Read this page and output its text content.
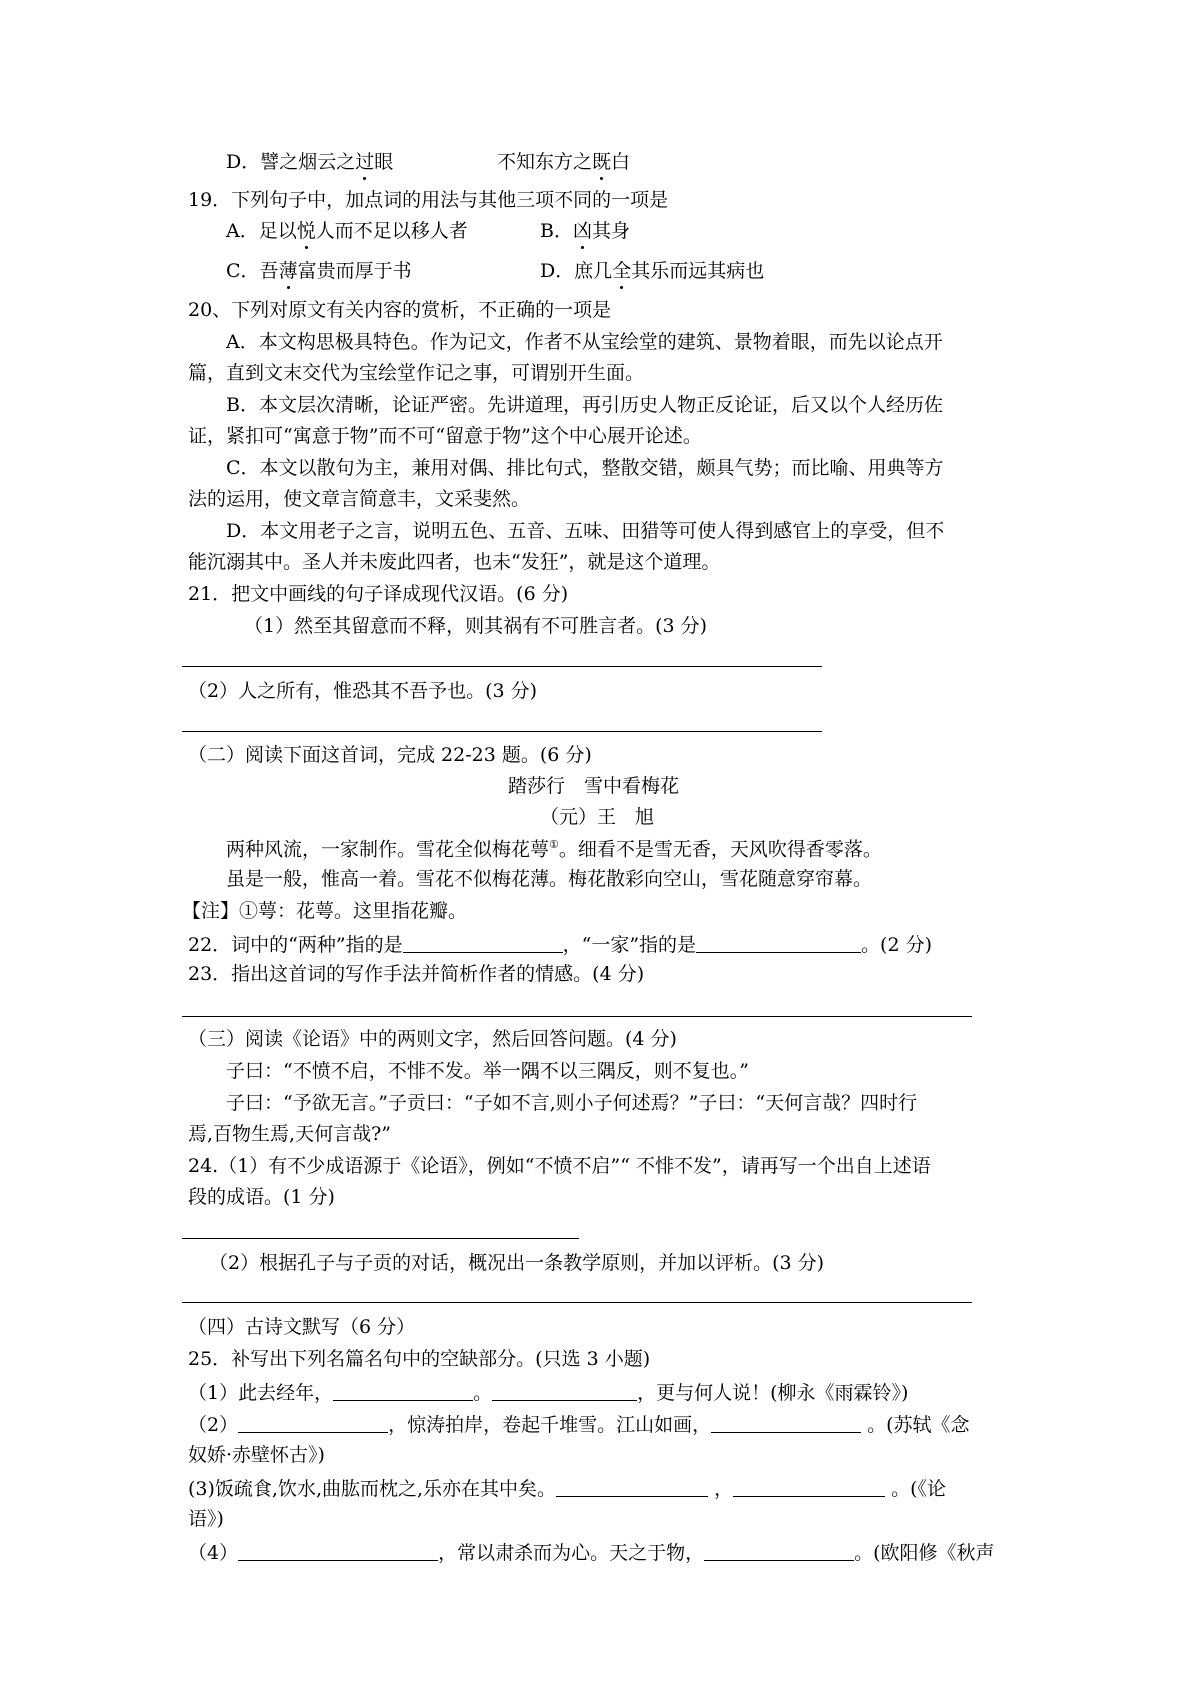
D．譬之烟云之过眼	不知东方之既白
19．下列句子中，加点词的用法与其他三项不同的一项是
A．足以悦人而不足以移人者	B．凶其身
C．吾薄富贵而厚于书	D．庶几全其乐而远其病也
20、下列对原文有关内容的赏析，不正确的一项是
A．本文构思极具特色。作为记文，作者不从宝绘堂的建筑、景物着眼，而先以论点开
篇，直到文末交代为宝绘堂作记之事，可谓别开生面。
B．本文层次清晰，论证严密。先讲道理，再引历史人物正反论证，后又以个人经历佐
证，紧扣可“寓意于物”而不可“留意于物”这个中心展开论述。
C．本文以散句为主，兼用对偶、排比句式，整散交错，颇具气势；而比喻、用典等方
法的运用，使文章言简意丰，文采斐然。
D．本文用老子之言，说明五色、五音、五味、田猎等可使人得到感官上的享受，但不
能沉溺其中。圣人并未废此四者，也未“发狂”，就是这个道理。
21．把文中画线的句子译成现代汉语。(6 分)
（1）然至其留意而不释，则其祸有不可胜言者。(3 分)
（2）人之所有，惟恐其不吾予也。(3 分)
（二）阅读下面这首词，完成 22-23 题。(6 分)
踏莎行　雪中看梅花
（元）王　旭
两种风流，一家制作。雪花全似梅花萼①。细看不是雪无香，天风吹得香零落。
虽是一般，惟高一着。雪花不似梅花薄。梅花散彩向空山，雪花随意穿帘幕。
【注】①萼：花萼。这里指花瓣。
22．词中的“两种”指的是	，“一家”指的是	。(2 分)
23．指出这首词的写作手法并简析作者的情感。(4 分)
（三）阅读《论语》中的两则文字，然后回答问题。(4 分)
子曰：“不愤不启，不悱不发。举一隅不以三隅反，则不复也。”
子曰：“予欲无言。”子贡曰：“子如不言,则小子何述焉？”子曰：“天何言哉？四时行
焉,百物生焉,天何言哉?”
24.（1）有不少成语源于《论语》，例如“不愤不启”“ 不悱不发”，请再写一个出自上述语
段的成语。(1 分)
（2）根据孔子与子贡的对话，概况出一条教学原则，并加以评析。(3 分)
（四）古诗文默写（6 分）
25．补写出下列名篇名句中的空缺部分。(只选 3 小题)
（1）此去经年，	。	，更与何人说！(柳永《雨霖铃》)
（2）	，惊涛拍岸，卷起千堆雪。江山如画，	。(苏轼《念
奴娇·赤壁怀古》)
(3)饭疏食,饮水,曲肱而枕之,乐亦在其中矣。	，	。(《论
语》)
（4）	，常以肃杀而为心。天之于物，	。(欧阳修《秋声
